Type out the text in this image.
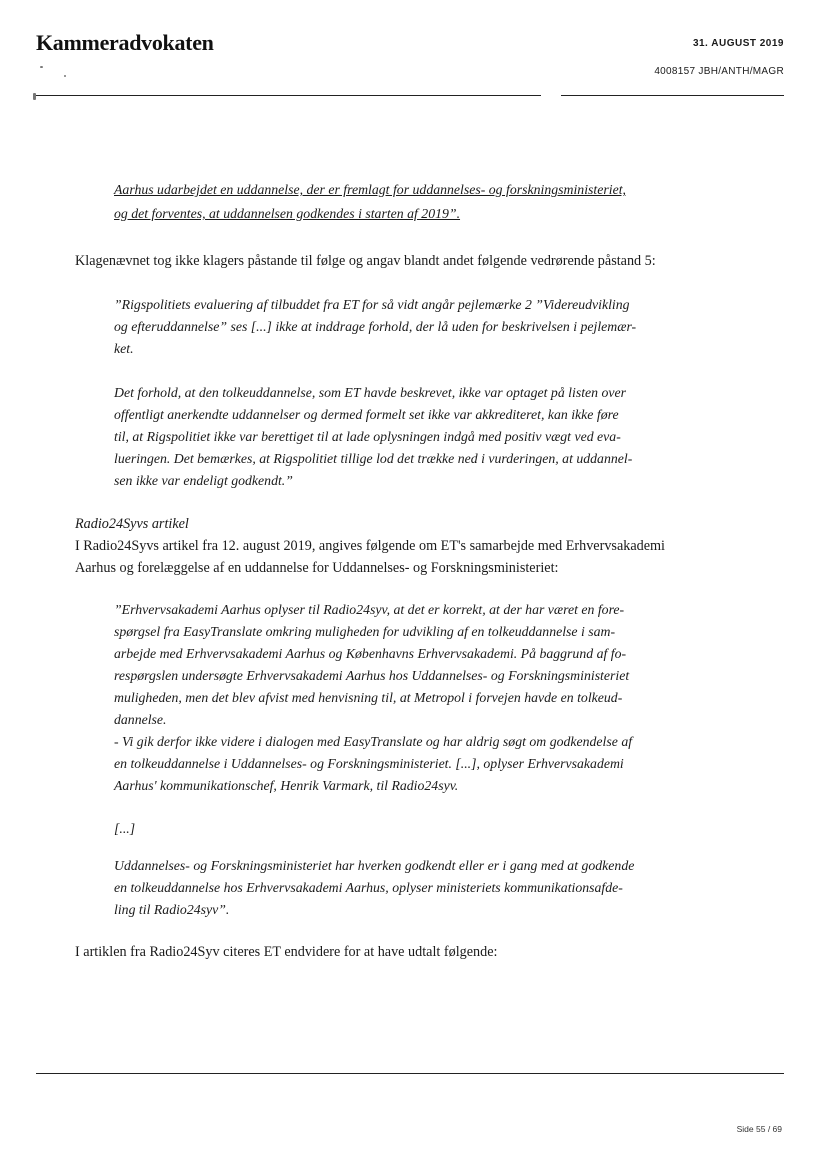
Kammeradvokaten	31. AUGUST 2019
4008157 JBH/ANTH/MAGR

Aarhus udarbejdet en uddannelse, der er fremlagt for uddannelses- og forskningsministeriet,

og det forventes, at uddannelsen godkendes i starten af 2019”.

Klagenævnet tog ikke klagers påstande til følge og angav blandt andet følgende vedrørende påstand 5:

”Rigspolitiets evaluering af tilbuddet fra ET for så vidt angår pejlemærke 2 ”Videreudvikling

og efteruddannelse” ses [...] ikke at inddrage forhold, der lå uden for beskrivelsen i pejlemær-

ket.

Det forhold, at den tolkeuddannelse, som ET havde beskrevet, ikke var optaget på listen over

offentligt anerkendte uddannelser og dermed formelt set ikke var akkrediteret, kan ikke føre

til, at Rigspolitiet ikke var berettiget til at lade oplysningen indgå med positiv vægt ved eva-

lueringen. Det bemærkes, at Rigspolitiet tillige lod det trække ned i vurderingen, at uddannel-

sen ikke var endeligt godkendt.”

Radio24Syvs artikel

I Radio24Syvs artikel fra 12. august 2019, angives følgende om ET's samarbejde med Erhvervsakademi

Aarhus og forelæggelse af en uddannelse for Uddannelses- og Forskningsministeriet:

”Erhvervsakademi Aarhus oplyser til Radio24syv, at det er korrekt, at der har været en fore-

spørgsel fra EasyTranslate omkring muligheden for udvikling af en tolkeuddannelse i sam-

arbejde med Erhvervsakademi Aarhus og Københavns Erhvervsakademi. På baggrund af fo-

respørgslen undersøgte Erhvervsakademi Aarhus hos Uddannelses- og Forskningsministeriet

muligheden, men det blev afvist med henvisning til, at Metropol i forvejen havde en tolkeud-

dannelse.

- Vi gik derfor ikke videre i dialogen med EasyTranslate og har aldrig søgt om godkendelse af

en tolkeuddannelse i Uddannelses- og Forskningsministeriet. [...], oplyser Erhvervsakademi

Aarhus' kommunikationschef, Henrik Varmark, til Radio24syv.

[...]

Uddannelses- og Forskningsministeriet har hverken godkendt eller er i gang med at godkende

en tolkeuddannelse hos Erhvervsakademi Aarhus, oplyser ministeriets kommunikationsafde-

ling til Radio24syv”.

I artiklen fra Radio24Syv citeres ET endvidere for at have udtalt følgende:

Side 55 / 69
